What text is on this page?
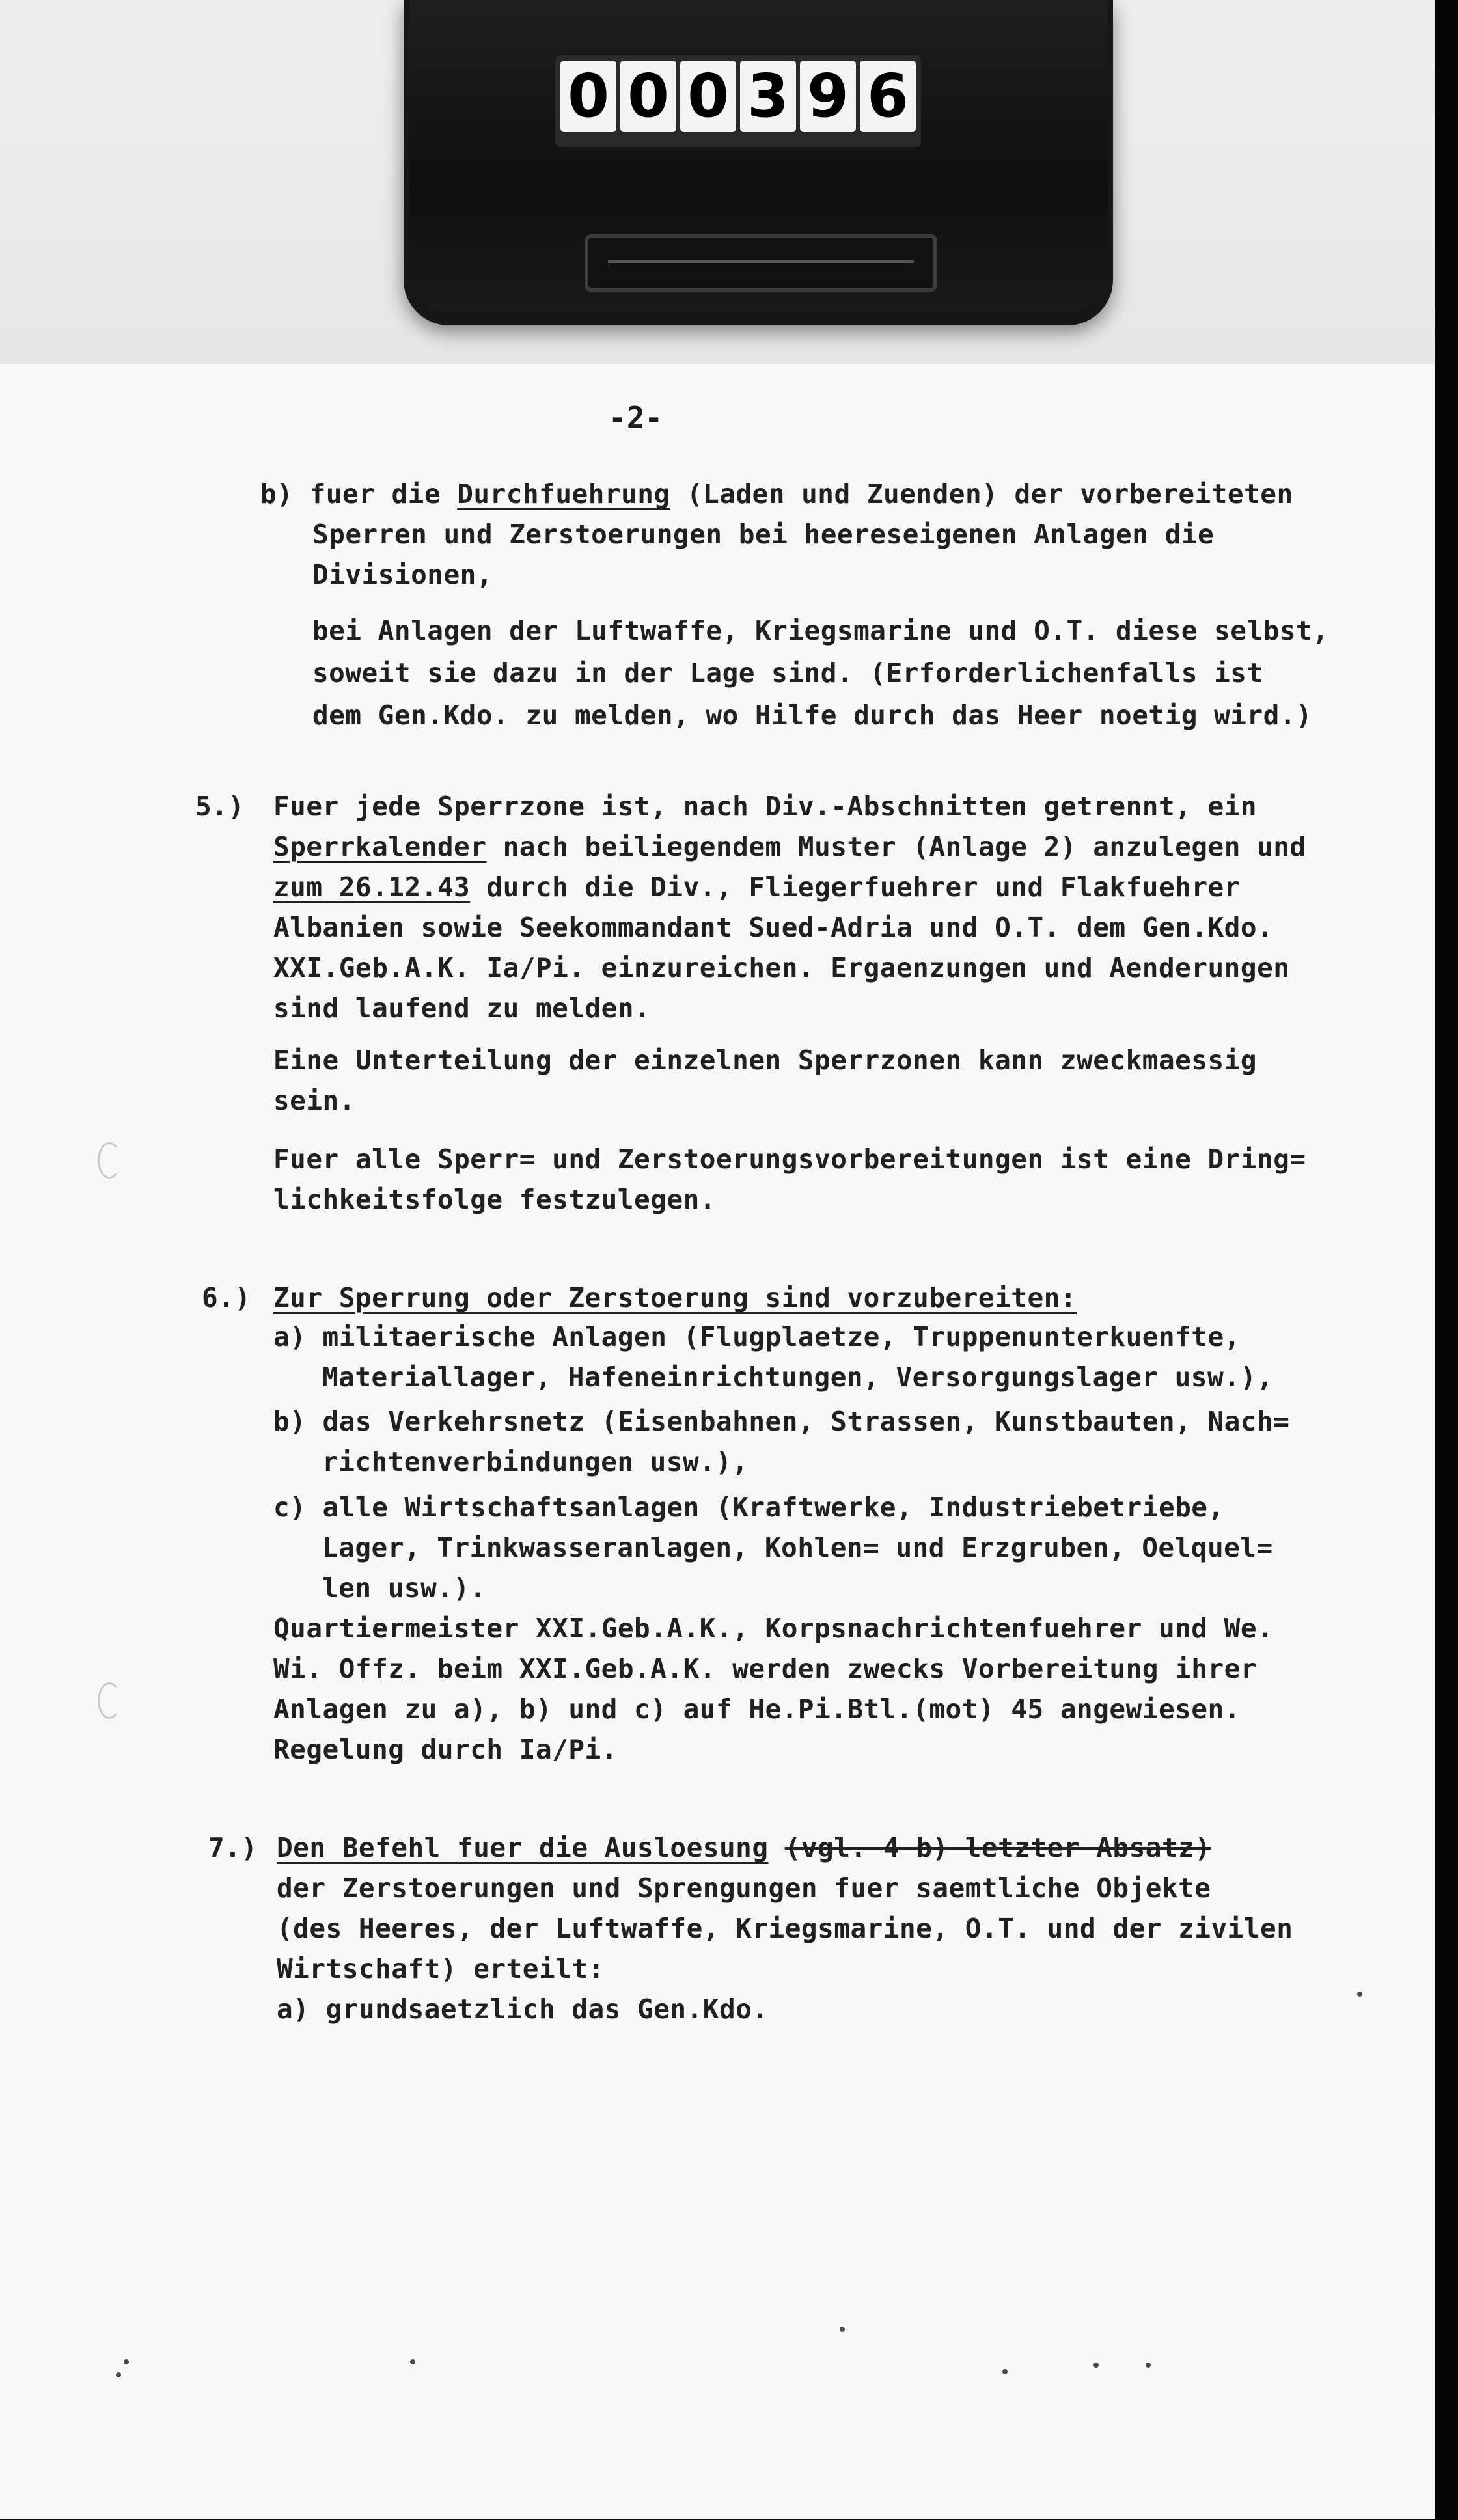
0 0 0 3 9 6
-2-
b) fuer die Durchfuehrung (Laden und Zuenden) der vorbereiteten
Sperren und Zerstoerungen bei heereseigenen Anlagen die
Divisionen,
bei Anlagen der Luftwaffe, Kriegsmarine und O.T. diese selbst,
soweit sie dazu in der Lage sind. (Erforderlichenfalls ist
dem Gen.Kdo. zu melden, wo Hilfe durch das Heer noetig wird.)
5.) Fuer jede Sperrzone ist, nach Div.-Abschnitten getrennt, ein
Sperrkalender nach beiliegendem Muster (Anlage 2) anzulegen und
zum 26.12.43 durch die Div., Fliegerfuehrer und Flakfuehrer
Albanien sowie Seekommandant Sued-Adria und O.T. dem Gen.Kdo.
XXI.Geb.A.K. Ia/Pi. einzureichen. Ergaenzungen und Aenderungen
sind laufend zu melden.
Eine Unterteilung der einzelnen Sperrzonen kann zweckmaessig
sein.
Fuer alle Sperr= und Zerstoerungsvorbereitungen ist eine Dring=
lichkeitsfolge festzulegen.
6.) Zur Sperrung oder Zerstoerung sind vorzubereiten:
a) militaerische Anlagen (Flugplaetze, Truppenunterkuenfte,
Materiallager, Hafeneinrichtungen, Versorgungslager usw.),
b) das Verkehrsnetz (Eisenbahnen, Strassen, Kunstbauten, Nach=
richtenverbindungen usw.),
c) alle Wirtschaftsanlagen (Kraftwerke, Industriebetriebe,
Lager, Trinkwasseranlagen, Kohlen= und Erzgruben, Oelquel=
len usw.).
Quartiermeister XXI.Geb.A.K., Korpsnachrichtenfuehrer und We.
Wi. Offz. beim XXI.Geb.A.K. werden zwecks Vorbereitung ihrer
Anlagen zu a), b) und c) auf He.Pi.Btl.(mot) 45 angewiesen.
Regelung durch Ia/Pi.
7.) Den Befehl fuer die Ausloesung (vgl. 4 b) letzter Absatz)
der Zerstoerungen und Sprengungen fuer saemtliche Objekte
(des Heeres, der Luftwaffe, Kriegsmarine, O.T. und der zivilen
Wirtschaft) erteilt:
a) grundsaetzlich das Gen.Kdo.
